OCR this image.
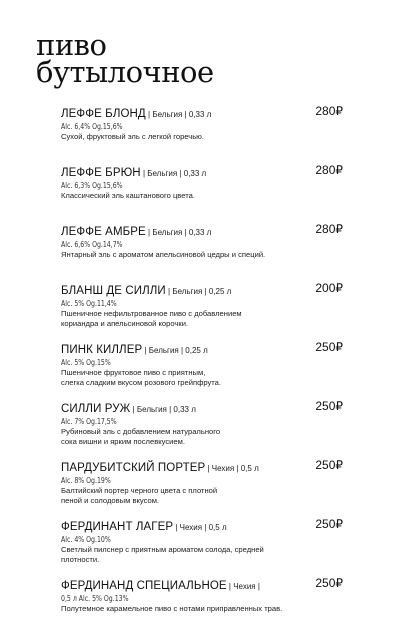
пиво
бутылочное
ЛЕФФЕ БЛОНД | Бельгия | 0,33 л	280₽
Alc. 6,4% Og.15,6%
Сухой, фруктовый эль с легкой горечью.
ЛЕФФЕ БРЮН | Бельгия | 0,33 л	280₽
Alc. 6,3% Og.15,6%
Классический эль каштанового цвета.
ЛЕФФЕ АМБРЕ | Бельгия | 0,33 л	280₽
Alc. 6,6% Og.14,7%
Янтарный эль с ароматом апельсиновой цедры и специй.
БЛАНШ ДЕ СИЛЛИ | Бельгия | 0,25 л	200₽
Alc. 5% Og.11,4%
Пшеничное нефильтрованное пиво с добавлением
кориандра и апельсиновой корочки.
ПИНК КИЛЛЕР | Бельгия | 0,25 л	250₽
Alc. 5% Og.15%
Пшеничное фруктовое пиво с приятным,
слегка сладким вкусом розового грейпфрута.
СИЛЛИ РУЖ | Бельгия | 0,33 л	250₽
Alc. 7% Og.17,5%
Рубиновый эль с добавлением натурального
сока вишни и ярким послевкусием.
ПАРДУБИТСКИЙ ПОРТЕР | Чехия | 0,5 л	250₽
Alc. 8% Og.19%
Балтийский портер черного цвета с плотной
пеной и солодовым вкусом.
ФЕРДИНАНТ ЛАГЕР | Чехия | 0,5 л	250₽
Alc. 4% Og.10%
Светлый пилснер с приятным ароматом солода, средней
плотности.
ФЕРДИНАНД СПЕЦИАЛЬНОЕ | Чехия |	250₽
0,5 л Alc. 5% Og.13%
Полутемное карамельное пиво с нотами приправленных трав.
